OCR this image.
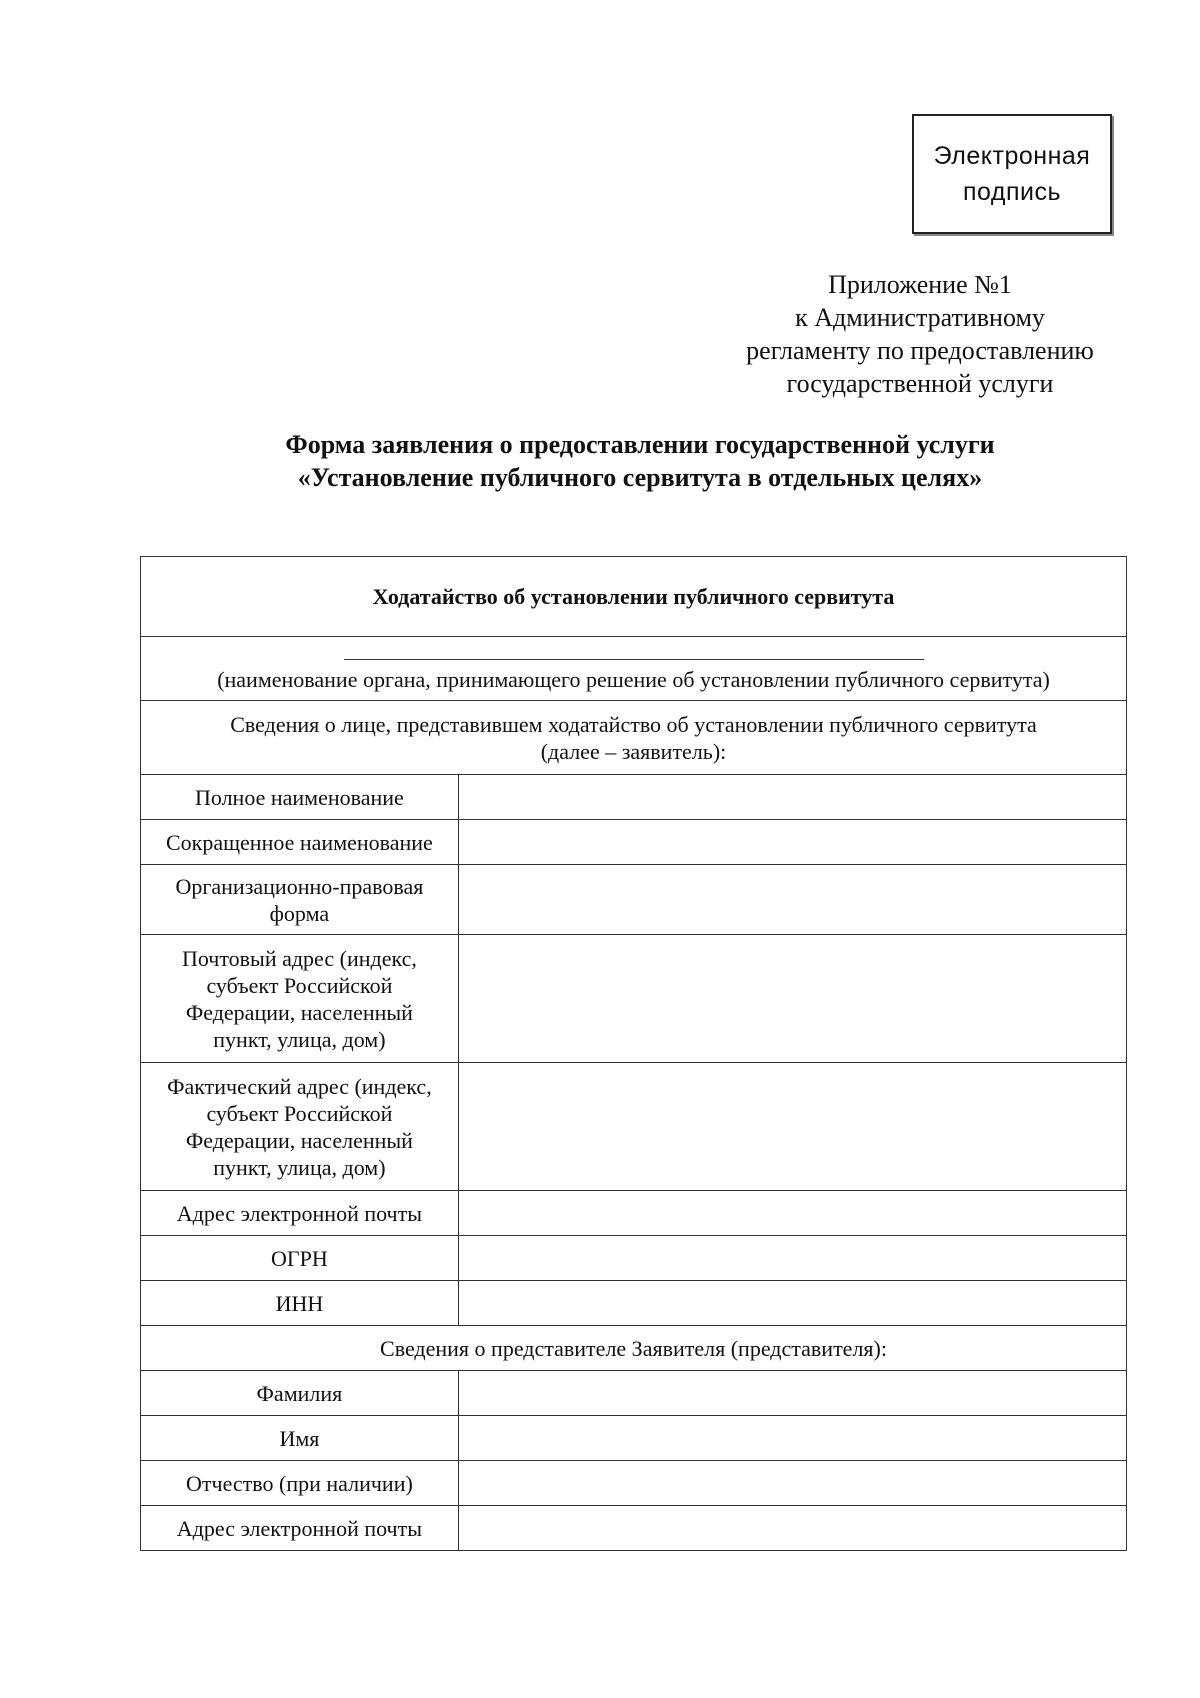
Электронная
подпись
Приложение №1
к Административному
регламенту по предоставлению
государственной услуги
Форма заявления о предоставлении государственной услуги
«Установление публичного сервитута в отдельных целях»
Ходатайство об установлении публичного сервитута	

(наименование органа, принимающего решение об установлении публичного сервитута)	

Сведения о лице, представившем ходатайство об установлении публичного сервитута
(далее – заявитель):	

Полное наименование	

Сокращенное наименование	

Организационно-правовая
форма	

Почтовый адрес (индекс,
субъект Российской
Федерации, населенный
пункт, улица, дом)	

Фактический адрес (индекс,
субъект Российской
Федерации, населенный
пункт, улица, дом)	

Адрес электронной почты	

ОГРН	

ИНН	

Сведения о представителе Заявителя (представителя):	

Фамилия	

Имя	

Отчество (при наличии)	

Адрес электронной почты	
